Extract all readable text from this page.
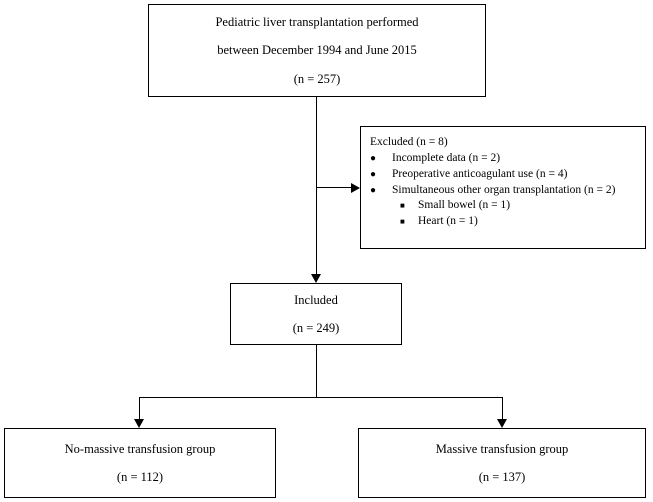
Pediatric liver transplantation performed
between December 1994 and June 2015
(n = 257)
Excluded (n = 8)
●	Incomplete data (n = 2)
●	Preoperative anticoagulant use (n = 4)
●	Simultaneous other organ transplantation (n = 2)
■	Small bowel (n = 1)
■	Heart (n = 1)
Included
(n = 249)
No-massive transfusion group
(n = 112)
Massive transfusion group
(n = 137)
